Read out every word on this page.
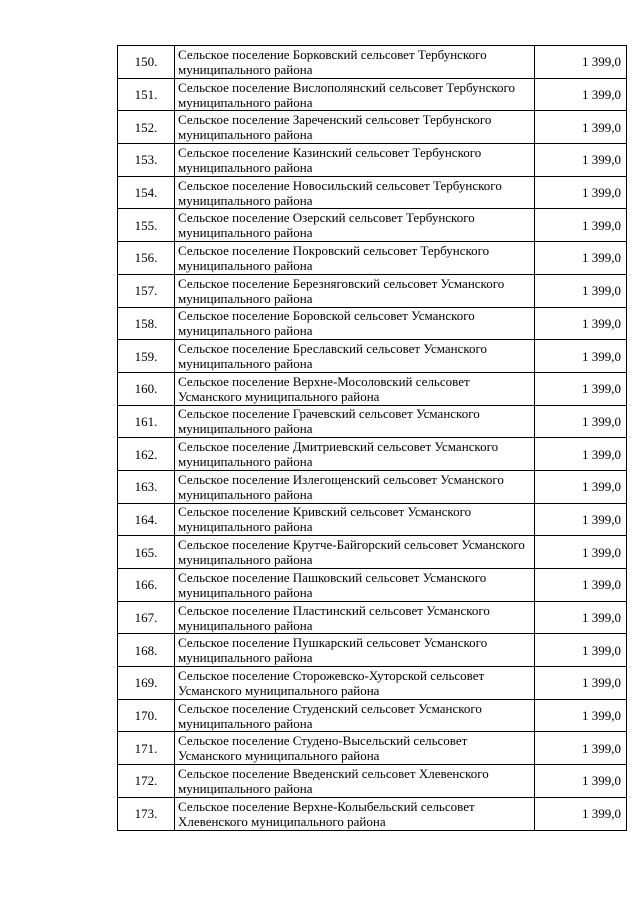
150.	Сельское поселение Борковский сельсовет Тербунского муниципального района	1 399,0
151.	Сельское поселение Вислополянский сельсовет Тербунского муниципального района	1 399,0
152.	Сельское поселение Зареченский сельсовет Тербунского муниципального района	1 399,0
153.	Сельское поселение Казинский сельсовет Тербунского муниципального района	1 399,0
154.	Сельское поселение Новосильский сельсовет Тербунского муниципального района	1 399,0
155.	Сельское поселение Озерский сельсовет Тербунского муниципального района	1 399,0
156.	Сельское поселение Покровский сельсовет Тербунского муниципального района	1 399,0
157.	Сельское поселение Березняговский сельсовет Усманского муниципального района	1 399,0
158.	Сельское поселение Боровской сельсовет Усманского муниципального района	1 399,0
159.	Сельское поселение Бреславский сельсовет Усманского муниципального района	1 399,0
160.	Сельское поселение Верхне-Мосоловский сельсовет Усманского муниципального района	1 399,0
161.	Сельское поселение Грачевский сельсовет Усманского муниципального района	1 399,0
162.	Сельское поселение Дмитриевский сельсовет Усманского муниципального района	1 399,0
163.	Сельское поселение Излегощенский сельсовет Усманского муниципального района	1 399,0
164.	Сельское поселение Кривский сельсовет Усманского муниципального района	1 399,0
165.	Сельское поселение Крутче-Байгорский сельсовет Усманского муниципального района	1 399,0
166.	Сельское поселение Пашковский сельсовет Усманского муниципального района	1 399,0
167.	Сельское поселение Пластинский сельсовет Усманского муниципального района	1 399,0
168.	Сельское поселение Пушкарский сельсовет Усманского муниципального района	1 399,0
169.	Сельское поселение Сторожевско-Хуторской сельсовет Усманского муниципального района	1 399,0
170.	Сельское поселение Студенский сельсовет Усманского муниципального района	1 399,0
171.	Сельское поселение Студено-Высельский сельсовет Усманского муниципального района	1 399,0
172.	Сельское поселение Введенский сельсовет Хлевенского муниципального района	1 399,0
173.	Сельское поселение Верхне-Колыбельский сельсовет Хлевенского муниципального района	1 399,0
